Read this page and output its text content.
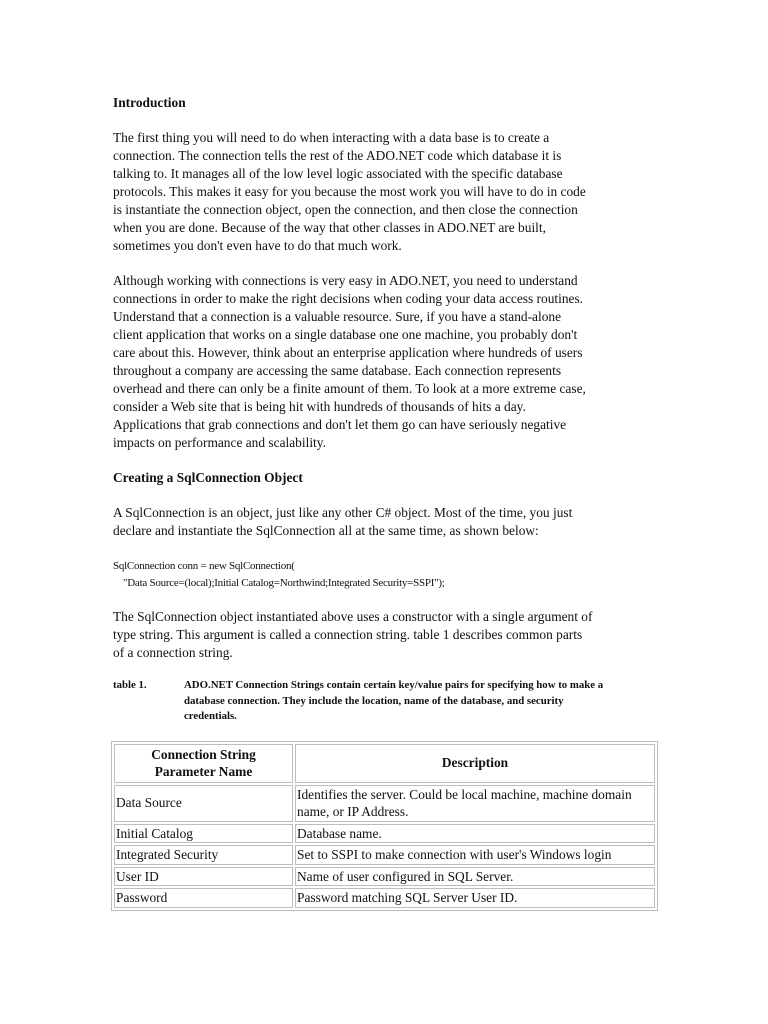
Introduction

The first thing you will need to do when interacting with a data base is to create a
connection. The connection tells the rest of the ADO.NET code which database it is
talking to. It manages all of the low level logic associated with the specific database
protocols. This makes it easy for you because the most work you will have to do in code
is instantiate the connection object, open the connection, and then close the connection
when you are done. Because of the way that other classes in ADO.NET are built,
sometimes you don't even have to do that much work.

Although working with connections is very easy in ADO.NET, you need to understand
connections in order to make the right decisions when coding your data access routines.
Understand that a connection is a valuable resource. Sure, if you have a stand-alone
client application that works on a single database one one machine, you probably don't
care about this. However, think about an enterprise application where hundreds of users
throughout a company are accessing the same database. Each connection represents
overhead and there can only be a finite amount of them. To look at a more extreme case,
consider a Web site that is being hit with hundreds of thousands of hits a day.
Applications that grab connections and don't let them go can have seriously negative
impacts on performance and scalability.

Creating a SqlConnection Object

A SqlConnection is an object, just like any other C# object. Most of the time, you just
declare and instantiate the SqlConnection all at the same time, as shown below:

SqlConnection conn = new SqlConnection(
"Data Source=(local);Initial Catalog=Northwind;Integrated Security=SSPI");

The SqlConnection object instantiated above uses a constructor with a single argument of
type string. This argument is called a connection string. table 1 describes common parts
of a connection string.

table 1.	ADO.NET Connection Strings contain certain key/value pairs for specifying how to make a
database connection. They include the location, name of the database, and security
credentials.
Connection String
Parameter Name	Description
Data Source	Identifies the server. Could be local machine, machine domain name, or IP Address.
Initial Catalog	Database name.
Integrated Security	Set to SSPI to make connection with user's Windows login
User ID	Name of user configured in SQL Server.
Password	Password matching SQL Server User ID.
